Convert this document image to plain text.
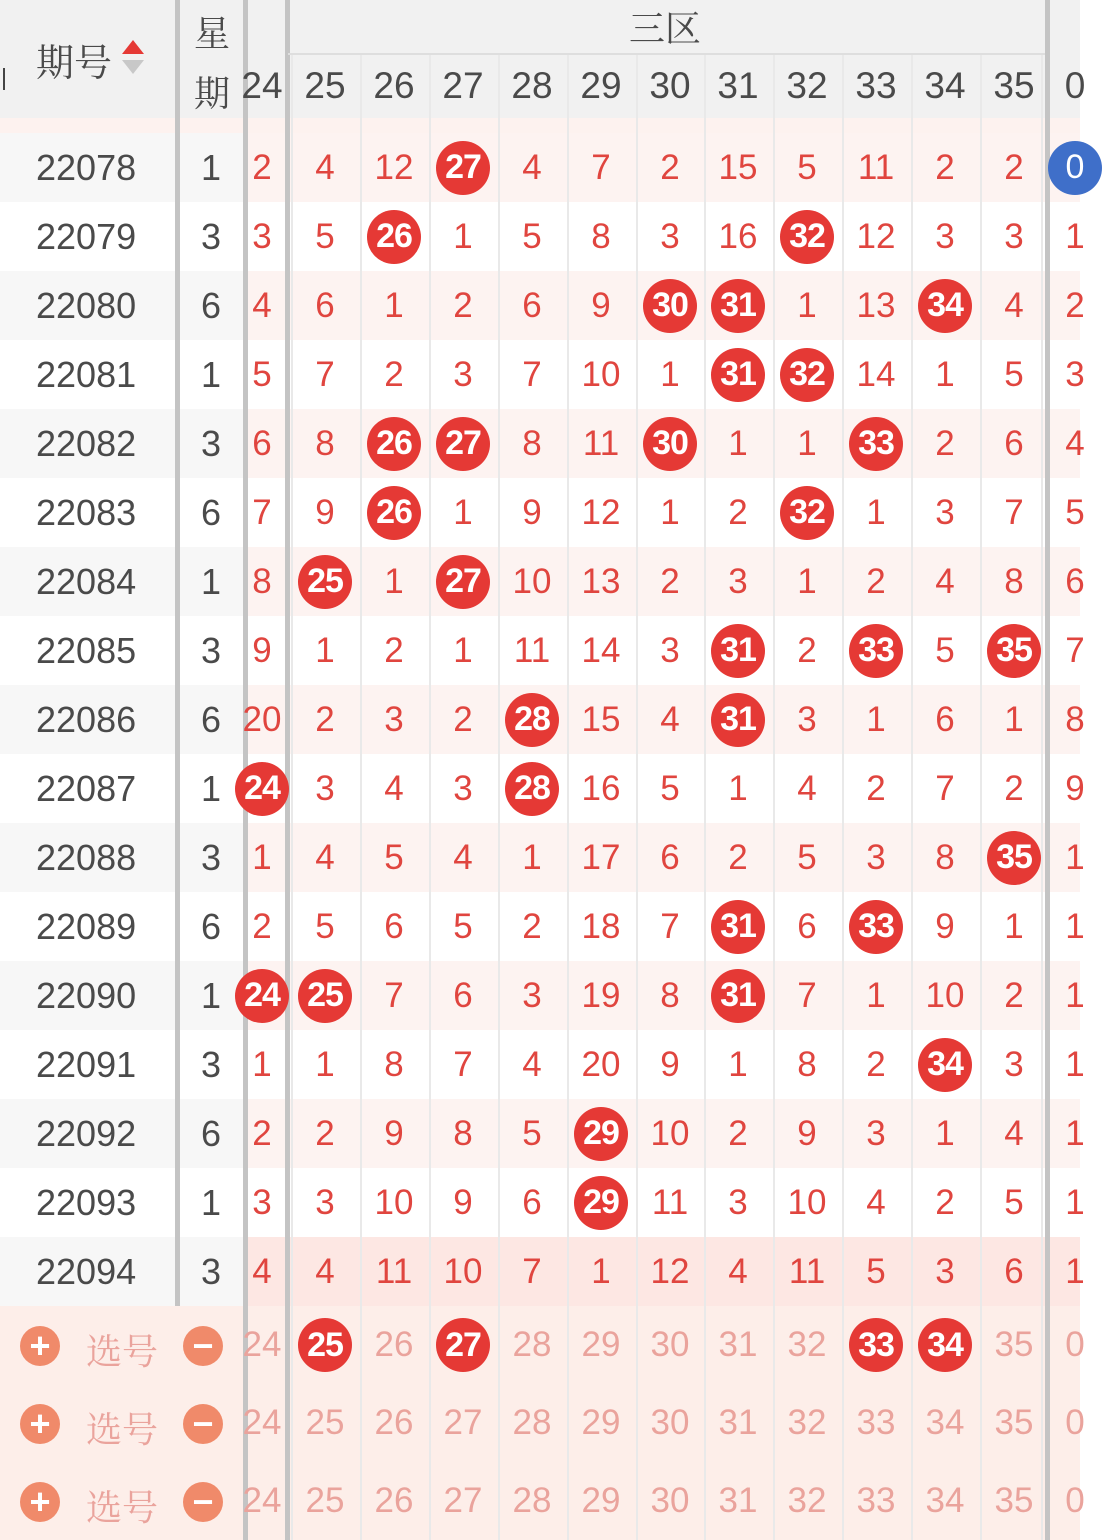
期号
星
期
三区
24 25 26 27 28 29 30 31 32 33 34 35 0
22078	1 2 4 12 27 4 7 2 15 5 11 2 2	0
22079	3 3 5 26 1 5 8 3 16 32 12 3 3 1
22080	6 4 6 1 2 6 9 30 31 1 13 34 4 2
22081	1 5 7 2 3 7 10 1 31 32 14 1 5 3
22082	3 6 8 26 27 8 11 30 1 1 33 2 6 4
22083	6 7 9 26 1 9 12 1 2 32 1 3 7 5
22084	1 8 25 1 27 10 13 2 3 1 2 4 8 6
22085	3 9 1 2 1 11 14 3 31 2 33 5 35 7
22086	6 20 2 3 2 28 15 4 31 3 1 6 1 8
22087	1 24 3 4 3 28 16 5 1 4 2 7 2 9
22088	3 1 4 5 4 1 17 6 2 5 3 8 35 1
22089	6 2 5 6 5 2 18 7 31 6 33 9 1 1
22090	1 24 25 7 6 3 19 8 31 7 1 10 2 1
22091	3 1 1 8 7 4 20 9 1 8 2 34 3 1
22092	6 2 2 9 8 5 29 10 2 9 3 1 4 1
22093	1 3 3 10 9 6 29 11 3 10 4 2 5 1
22094	3 4 4 11 10 7 1 12 4 11 5 3 6 1
+ 选号 − 24 25 26 27 28 29 30 31 32 33 34 35 0
+ 选号 − 24 25 26 27 28 29 30 31 32 33 34 35 0
+ 选号 − 24 25 26 27 28 29 30 31 32 33 34 35 0
